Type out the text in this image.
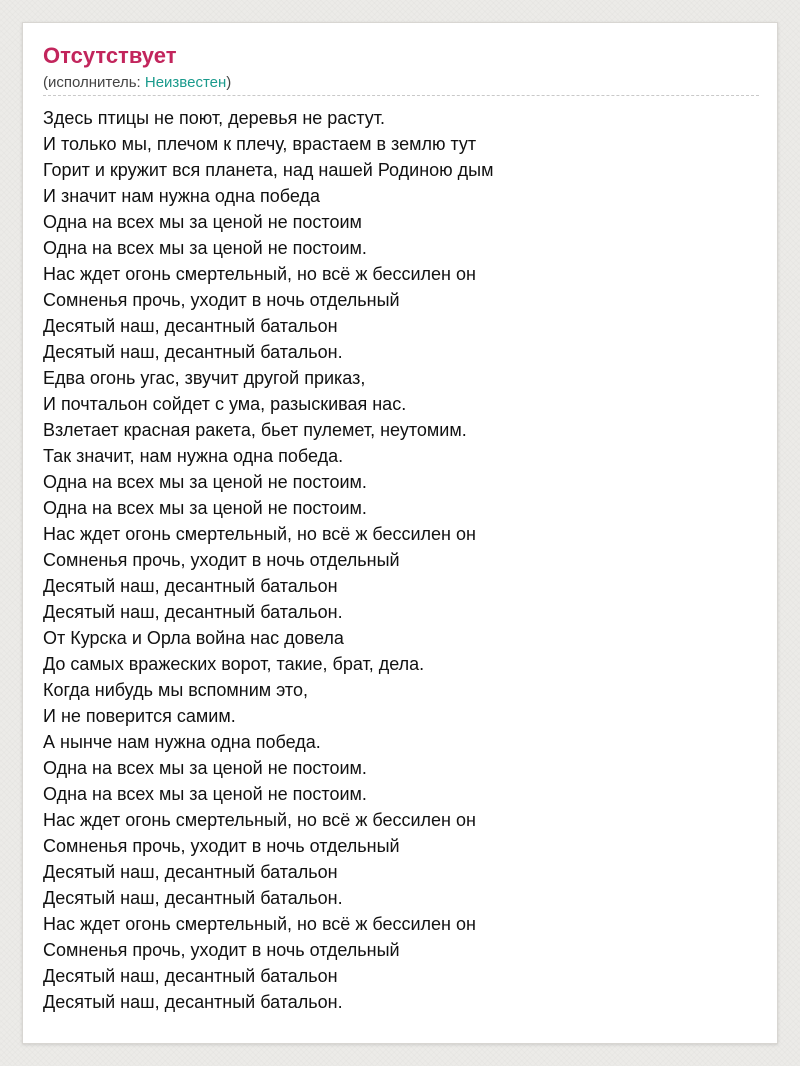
Отсутствует
(исполнитель: Неизвестен)
Здесь птицы не поют, деревья не растут.
И только мы, плечом к плечу, врастаем в землю тут
Горит и кружит вся планета, над нашей Родиною дым
И значит нам нужна одна победа
Одна на всех мы за ценой не постоим
Одна на всех мы за ценой не постоим.
Нас ждет огонь смертельный, но всё ж бессилен он
Сомненья прочь, уходит в ночь отдельный
Десятый наш, десантный батальон
Десятый наш, десантный батальон.
Едва огонь угас, звучит другой приказ,
И почтальон сойдет с ума, разыскивая нас.
Взлетает красная ракета, бьет пулемет, неутомим.
Так значит, нам нужна одна победа.
Одна на всех мы за ценой не постоим.
Одна на всех мы за ценой не постоим.
Нас ждет огонь смертельный, но всё ж бессилен он
Сомненья прочь, уходит в ночь отдельный
Десятый наш, десантный батальон
Десятый наш, десантный батальон.
От Курска и Орла война нас довела
До самых вражеских ворот, такие, брат, дела.
Когда нибудь мы вспомним это,
И не поверится самим.
А нынче нам нужна одна победа.
Одна на всех мы за ценой не постоим.
Одна на всех мы за ценой не постоим.
Нас ждет огонь смертельный, но всё ж бессилен он
Сомненья прочь, уходит в ночь отдельный
Десятый наш, десантный батальон
Десятый наш, десантный батальон.
Нас ждет огонь смертельный, но всё ж бессилен он
Сомненья прочь, уходит в ночь отдельный
Десятый наш, десантный батальон
Десятый наш, десантный батальон.
